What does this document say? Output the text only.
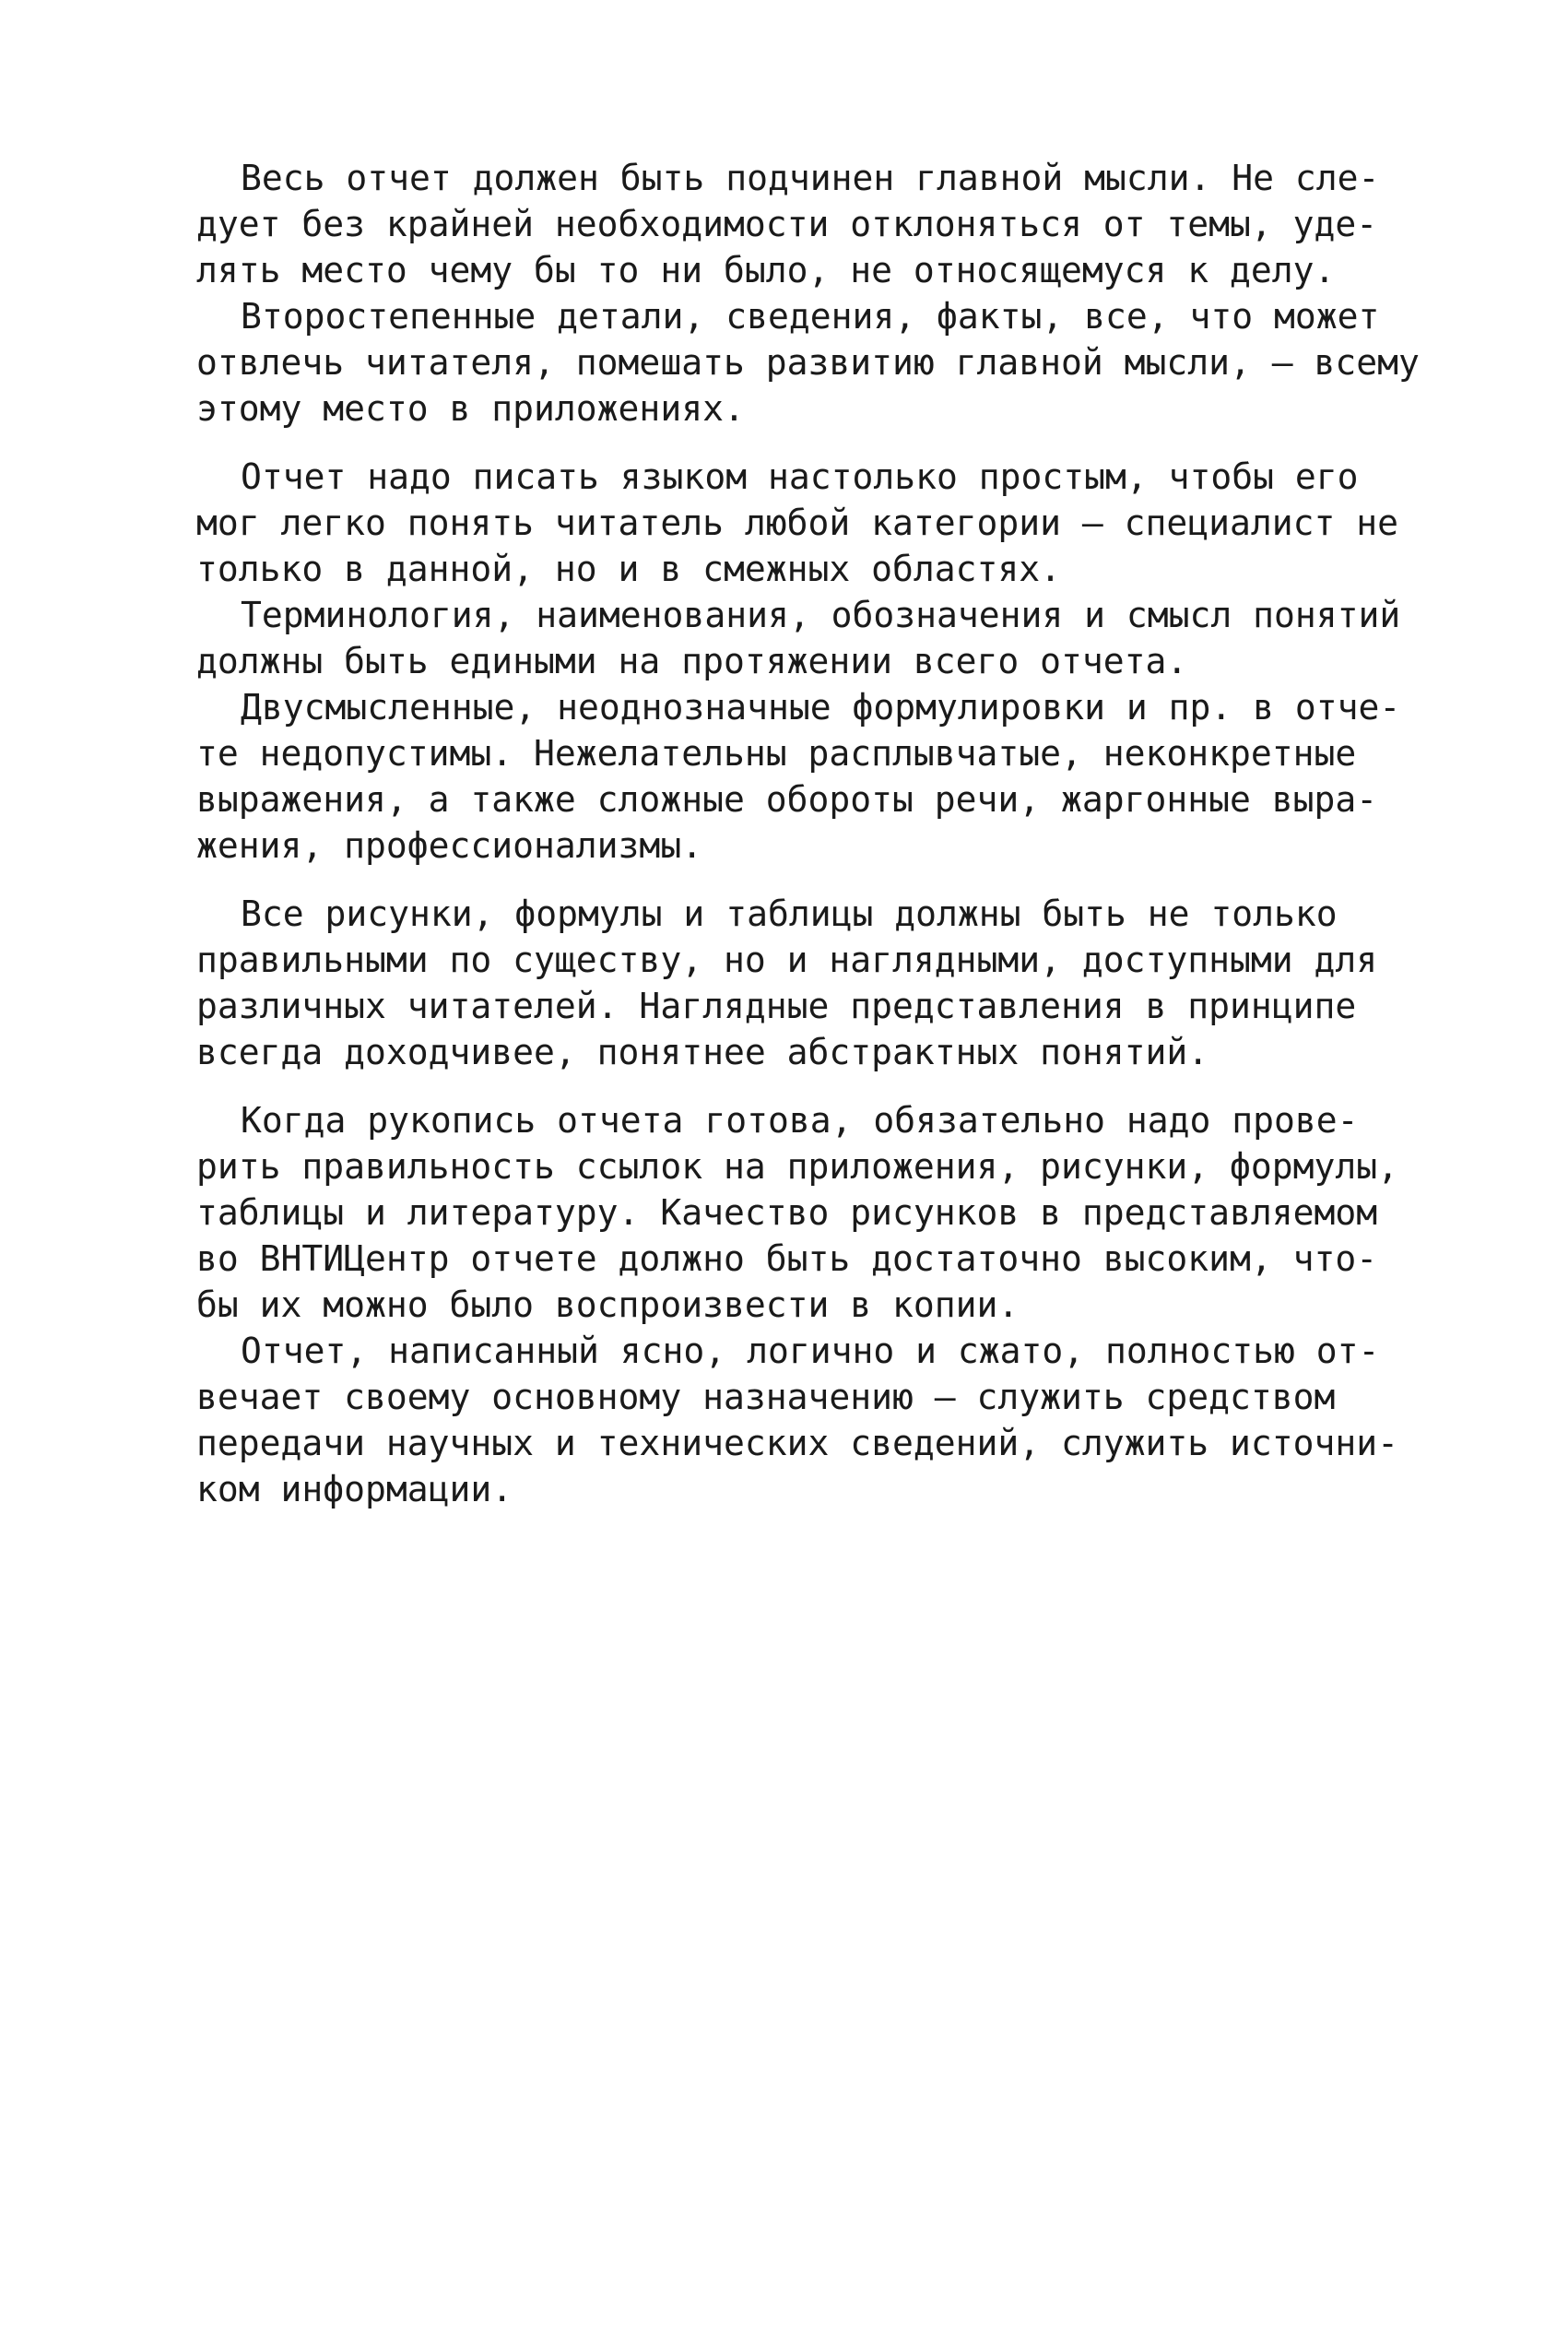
Весь отчет должен быть подчинен главной мысли. Не сле-
дует без крайней необходимости отклоняться от темы, уде-
лять место чему бы то ни было, не относящемуся к делу.
Второстепенные детали, сведения, факты, все, что может
отвлечь читателя, помешать развитию главной мысли, – всему
этому место в приложениях.
Отчет надо писать языком настолько простым, чтобы его
мог легко понять читатель любой категории – специалист не
только в данной, но и в смежных областях.
Терминология, наименования, обозначения и смысл понятий
должны быть едиными на протяжении всего отчета.
Двусмысленные, неоднозначные формулировки и пр. в отче-
те недопустимы. Нежелательны расплывчатые, неконкретные
выражения, а также сложные обороты речи, жаргонные выра-
жения, профессионализмы.
Все рисунки, формулы и таблицы должны быть не только
правильными по существу, но и наглядными, доступными для
различных читателей. Наглядные представления в принципе
всегда доходчивее, понятнее абстрактных понятий.
Когда рукопись отчета готова, обязательно надо прове-
рить правильность ссылок на приложения, рисунки, формулы,
таблицы и литературу. Качество рисунков в представляемом
во ВНТИЦентр отчете должно быть достаточно высоким, что-
бы их можно было воспроизвести в копии.
Отчет, написанный ясно, логично и сжато, полностью от-
вечает своему основному назначению – служить средством
передачи научных и технических сведений, служить источни-
ком информации.
